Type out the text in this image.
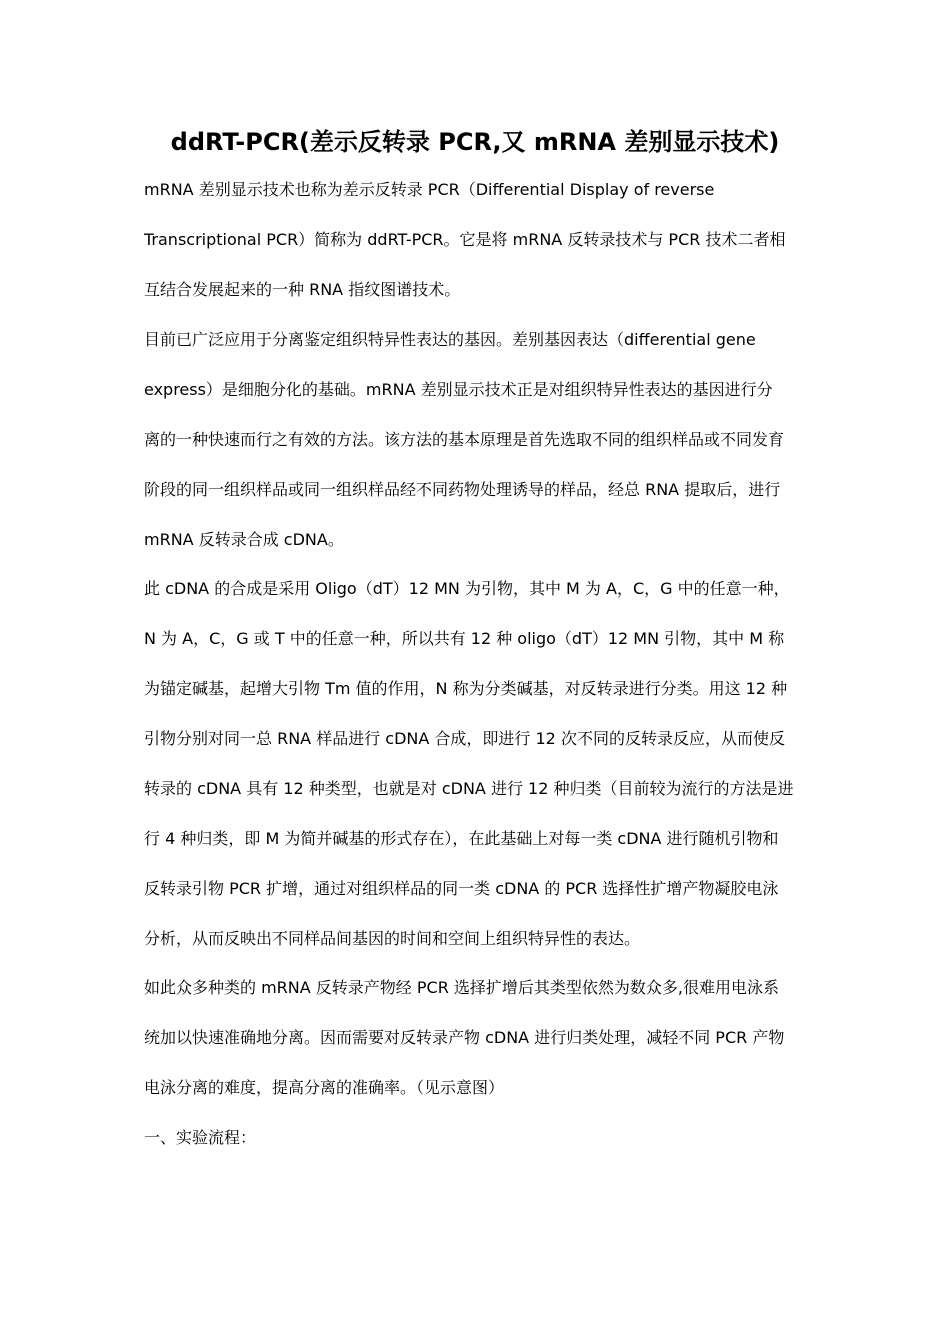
ddRT-PCR(差示反转录 PCR,又 mRNA 差别显示技术)
mRNA 差别显示技术也称为差示反转录 PCR（Differential Display of reverse
Transcriptional PCR）简称为 ddRT-PCR。它是将 mRNA 反转录技术与 PCR 技术二者相
互结合发展起来的一种 RNA 指纹图谱技术。
目前已广泛应用于分离鉴定组织特异性表达的基因。差别基因表达（differential gene
express）是细胞分化的基础。mRNA 差别显示技术正是对组织特异性表达的基因进行分
离的一种快速而行之有效的方法。该方法的基本原理是首先选取不同的组织样品或不同发育
阶段的同一组织样品或同一组织样品经不同药物处理诱导的样品，经总 RNA 提取后，进行
mRNA 反转录合成 cDNA。
此 cDNA 的合成是采用 Oligo（dT）12 MN 为引物，其中 M 为 A，C，G 中的任意一种，
N 为 A，C，G 或 T 中的任意一种，所以共有 12 种 oligo（dT）12 MN 引物，其中 M 称
为锚定碱基，起增大引物 Tm 值的作用，N 称为分类碱基，对反转录进行分类。用这 12 种
引物分别对同一总 RNA 样品进行 cDNA 合成，即进行 12 次不同的反转录反应，从而使反
转录的 cDNA 具有 12 种类型，也就是对 cDNA 进行 12 种归类（目前较为流行的方法是进
行 4 种归类，即 M 为简并碱基的形式存在），在此基础上对每一类 cDNA 进行随机引物和
反转录引物 PCR 扩增，通过对组织样品的同一类 cDNA 的 PCR 选择性扩增产物凝胶电泳
分析，从而反映出不同样品间基因的时间和空间上组织特异性的表达。
如此众多种类的 mRNA 反转录产物经 PCR 选择扩增后其类型依然为数众多,很难用电泳系
统加以快速准确地分离。因而需要对反转录产物 cDNA 进行归类处理，减轻不同 PCR 产物
电泳分离的难度，提高分离的准确率。（见示意图）
一、实验流程：
